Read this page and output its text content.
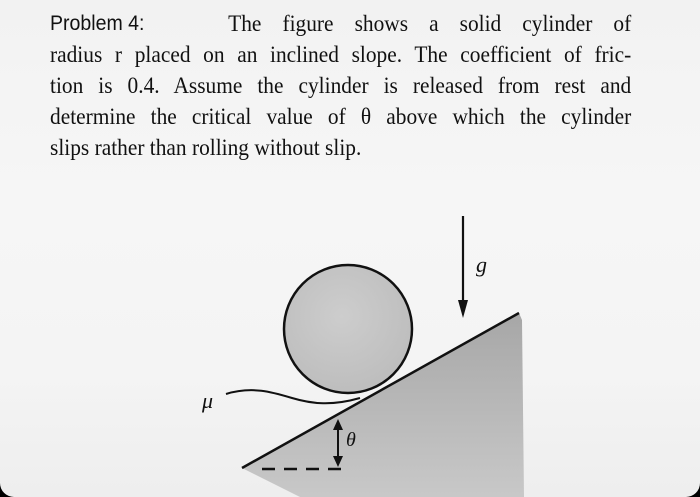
Problem 4:	The figure shows a solid cylinder of
radius r placed on an inclined slope. The coefficient of fric-
tion is 0.4. Assume the cylinder is released from rest and
determine the critical value of θ above which the cylinder
slips rather than rolling without slip.
g
μ
θ
